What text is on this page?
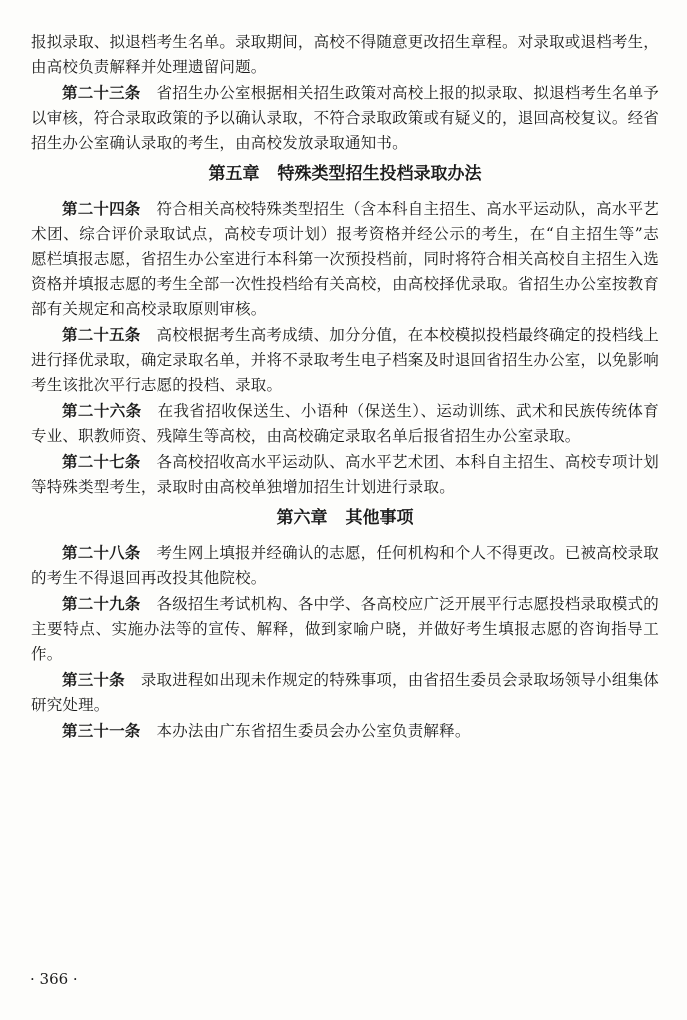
报拟录取、拟退档考生名单。录取期间，高校不得随意更改招生章程。对录取或退档考生，由高校负责解释并处理遗留问题。

第二十三条 省招生办公室根据相关招生政策对高校上报的拟录取、拟退档考生名单予以审核，符合录取政策的予以确认录取，不符合录取政策或有疑义的，退回高校复议。经省招生办公室确认录取的考生，由高校发放录取通知书。

第五章 特殊类型招生投档录取办法

第二十四条 符合相关高校特殊类型招生（含本科自主招生、高水平运动队，高水平艺术团、综合评价录取试点，高校专项计划）报考资格并经公示的考生，在“自主招生等”志愿栏填报志愿，省招生办公室进行本科第一次预投档前，同时将符合相关高校自主招生入选资格并填报志愿的考生全部一次性投档给有关高校，由高校择优录取。省招生办公室按教育部有关规定和高校录取原则审核。

第二十五条 高校根据考生高考成绩、加分分值，在本校模拟投档最终确定的投档线上进行择优录取，确定录取名单，并将不录取考生电子档案及时退回省招生办公室，以免影响考生该批次平行志愿的投档、录取。

第二十六条 在我省招收保送生、小语种（保送生）、运动训练、武术和民族传统体育专业、职教师资、残障生等高校，由高校确定录取名单后报省招生办公室录取。

第二十七条 各高校招收高水平运动队、高水平艺术团、本科自主招生、高校专项计划等特殊类型考生，录取时由高校单独增加招生计划进行录取。

第六章 其他事项

第二十八条 考生网上填报并经确认的志愿，任何机构和个人不得更改。已被高校录取的考生不得退回再改投其他院校。

第二十九条 各级招生考试机构、各中学、各高校应广泛开展平行志愿投档录取模式的主要特点、实施办法等的宣传、解释，做到家喻户晓，并做好考生填报志愿的咨询指导工作。

第三十条 录取进程如出现未作规定的特殊事项，由省招生委员会录取场领导小组集体研究处理。

第三十一条 本办法由广东省招生委员会办公室负责解释。

· 366 ·
